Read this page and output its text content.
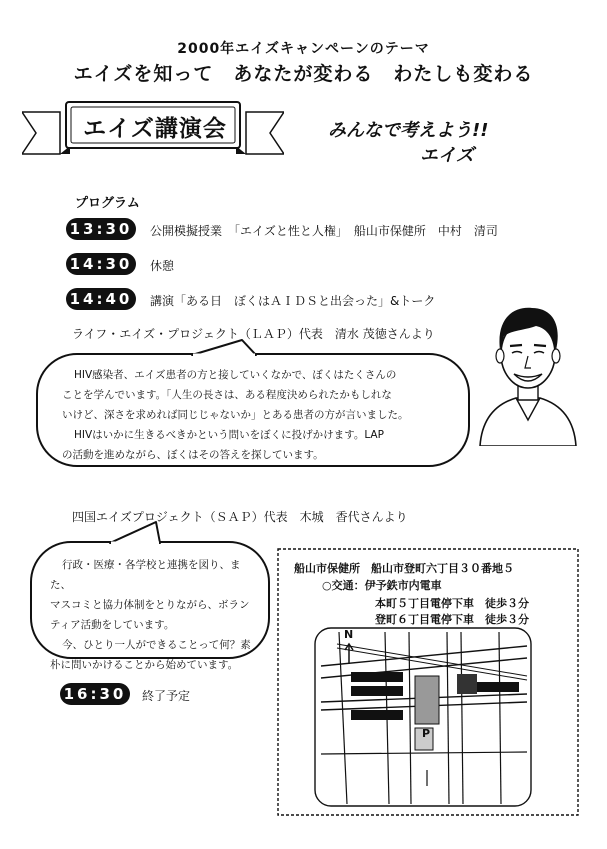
2000年エイズキャンペーンのテーマ
エイズを知って　あなたが変わる　わたしも変わる
エイズ講演会	みんなで考えよう!!
エイズ
プログラム
13:30	公開模擬授業　「エイズと性と人権」　船山市保健所　中村　清司
14:30	休憩
14:40	講演「ある日　ぼくはＡＩＤＳと出会った」&トーク
ライフ・エイズ・プロジェクト（ＬＡＰ）代表　清水 茂徳さんより

HIV感染者、エイズ患者の方と接していくなかで、ぼくはたくさんの

ことを学んでいます。「人生の長さは、ある程度決められたかもしれな

いけど、深さを求めれば同じじゃないか」とある患者の方が言いました。

HIVはいかに生きるべきかという問いをぼくに投げかけます。LAP

の活動を進めながら、ぼくはその答えを探しています。

四国エイズプロジェクト（ＳＡＰ）代表　木城　香代さんより

行政・医療・各学校と連携を図り、また、

マスコミと協力体制をとりながら、ボラン

ティア活動をしています。

今、ひとり一人ができることって何？素

朴に問いかけることから始めています。

16:30	終了予定
船山市保健所　船山市登町六丁目３０番地５
○交通：伊予鉄市内電車
本町５丁目電停下車　徒歩３分
登町６丁目電停下車　徒歩３分
N
P
